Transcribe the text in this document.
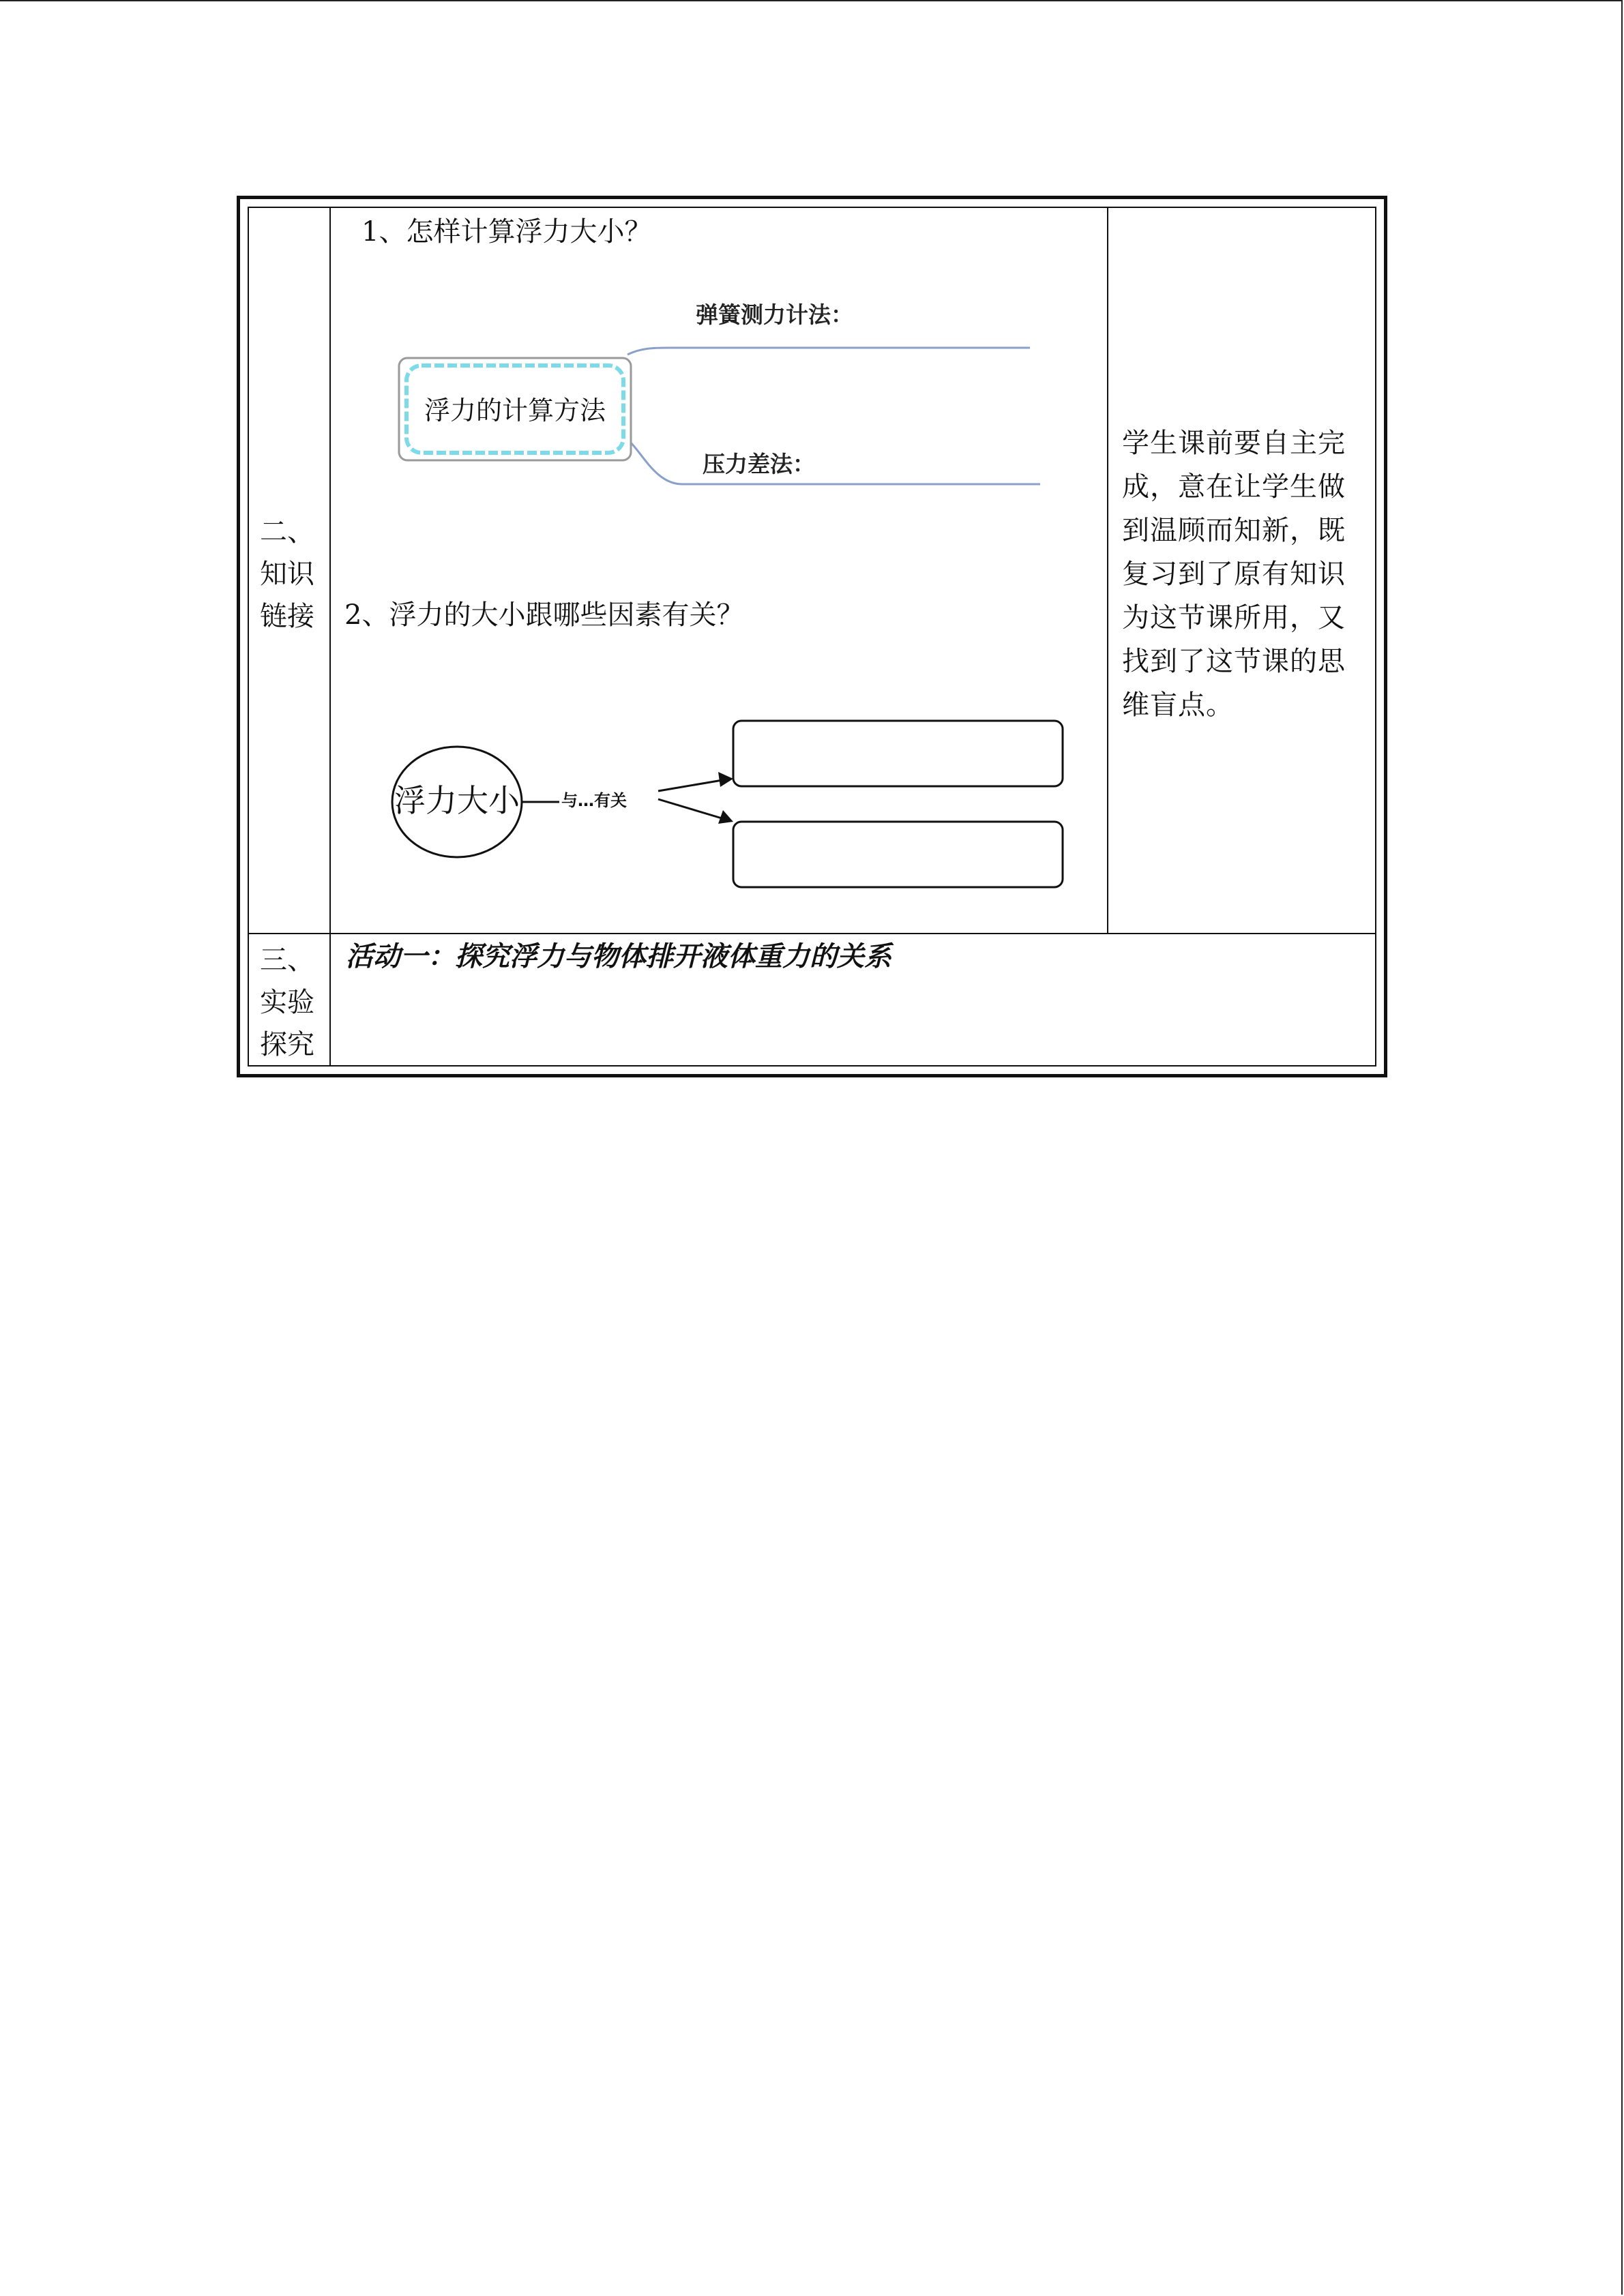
二、
知识
链接
1、怎样计算浮力大小？
浮力的计算方法
弹簧测力计法：
压力差法：
2、浮力的大小跟哪些因素有关？
浮力大小	与…有关
学生课前要自主完成，意在让学生做到温顾而知新，既复习到了原有知识为这节课所用，又找到了这节课的思维盲点。
三、
实验
探究
活动一：探究浮力与物体排开液体重力的关系
